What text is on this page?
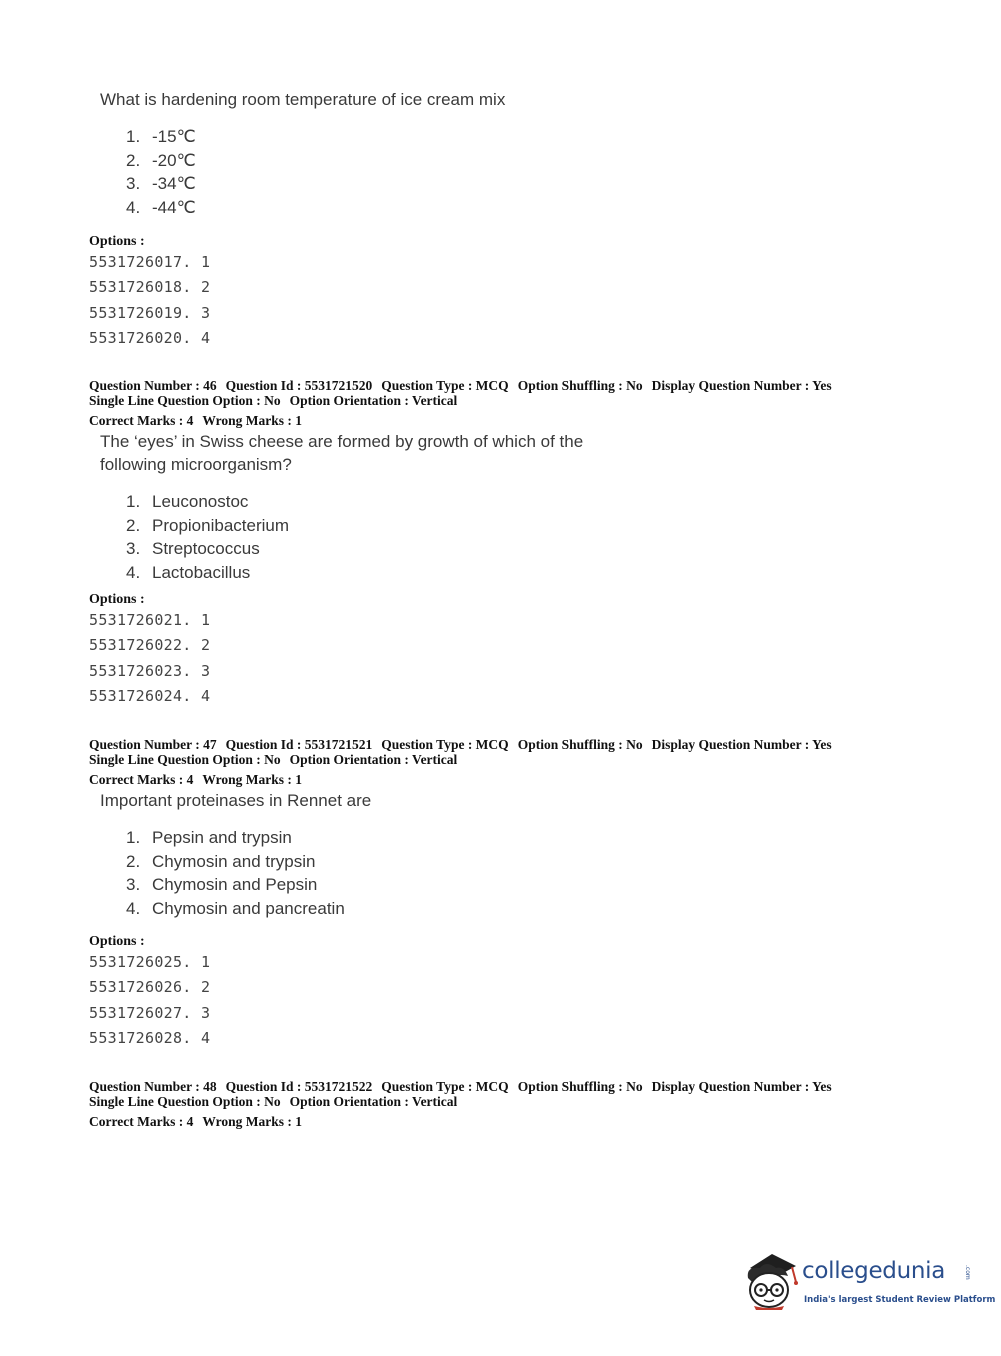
What is hardening room temperature of ice cream mix
1. -15℃
2. -20℃
3. -34℃
4. -44℃
Options :
5531726017. 1
5531726018. 2
5531726019. 3
5531726020. 4
Question Number : 46 Question Id : 5531721520 Question Type : MCQ Option Shuffling : No Display Question Number : Yes
Single Line Question Option : No Option Orientation : Vertical
Correct Marks : 4 Wrong Marks : 1
The ‘eyes’ in Swiss cheese are formed by growth of which of the
following microorganism?
1. Leuconostoc
2. Propionibacterium
3. Streptococcus
4. Lactobacillus
Options :
5531726021. 1
5531726022. 2
5531726023. 3
5531726024. 4
Question Number : 47 Question Id : 5531721521 Question Type : MCQ Option Shuffling : No Display Question Number : Yes
Single Line Question Option : No Option Orientation : Vertical
Correct Marks : 4 Wrong Marks : 1
Important proteinases in Rennet are
1. Pepsin and trypsin
2. Chymosin and trypsin
3. Chymosin and Pepsin
4. Chymosin and pancreatin
Options :
5531726025. 1
5531726026. 2
5531726027. 3
5531726028. 4
Question Number : 48 Question Id : 5531721522 Question Type : MCQ Option Shuffling : No Display Question Number : Yes
Single Line Question Option : No Option Orientation : Vertical
Correct Marks : 4 Wrong Marks : 1
collegedunia	.com
India's largest Student Review Platform
